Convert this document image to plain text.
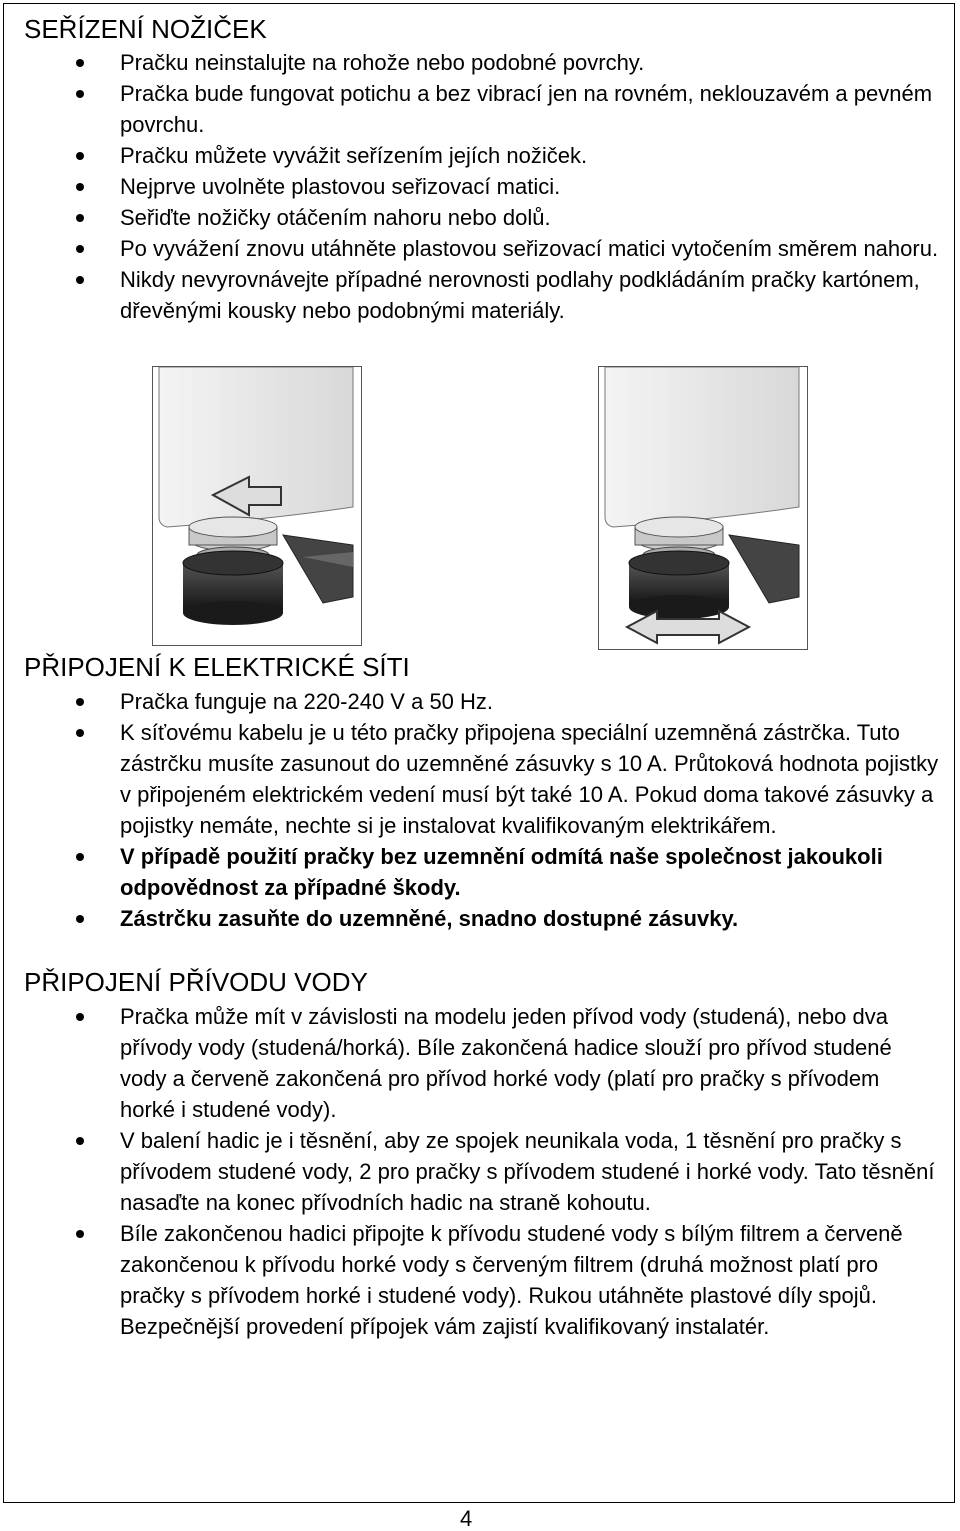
SEŘÍZENÍ NOŽIČEK
Pračku neinstalujte na rohože nebo podobné povrchy.
Pračka bude fungovat potichu a bez vibrací jen na rovném, neklouzavém a pevném povrchu.
Pračku můžete vyvážit seřízením jejích nožiček.
Nejprve uvolněte plastovou seřizovací matici.
Seřiďte nožičky otáčením nahoru nebo dolů.
Po vyvážení znovu utáhněte plastovou seřizovací matici vytočením směrem nahoru.
Nikdy nevyrovnávejte případné nerovnosti podlahy podkládáním pračky kartónem, dřevěnými kousky nebo podobnými materiály.
PŘIPOJENÍ K ELEKTRICKÉ SÍTI
Pračka funguje na 220-240 V a 50 Hz.
K síťovému kabelu je u této pračky připojena speciální uzemněná zástrčka. Tuto zástrčku musíte zasunout do uzemněné zásuvky s 10 A. Průtoková hodnota pojistky v připojeném elektrickém vedení musí být také 10 A. Pokud doma takové zásuvky a pojistky nemáte, nechte si je instalovat kvalifikovaným elektrikářem.
V případě použití pračky bez uzemnění odmítá naše společnost jakoukoli odpovědnost za případné škody.
Zástrčku zasuňte do uzemněné, snadno dostupné zásuvky.
PŘIPOJENÍ PŘÍVODU VODY
Pračka může mít v závislosti na modelu jeden přívod vody (studená), nebo dva přívody vody (studená/horká). Bíle zakončená hadice slouží pro přívod studené vody a červeně zakončená pro přívod horké vody (platí pro pračky s přívodem horké i studené vody).
V balení hadic je i těsnění, aby ze spojek neunikala voda, 1 těsnění pro pračky s přívodem studené vody, 2 pro pračky s přívodem studené i horké vody. Tato těsnění nasaďte na konec přívodních hadic na straně kohoutu.
Bíle zakončenou hadici připojte k přívodu studené vody s bílým filtrem a červeně zakončenou k přívodu horké vody s červeným filtrem (druhá možnost platí pro pračky s přívodem horké i studené vody). Rukou utáhněte plastové díly spojů. Bezpečnější provedení přípojek vám zajistí kvalifikovaný instalatér.
4
